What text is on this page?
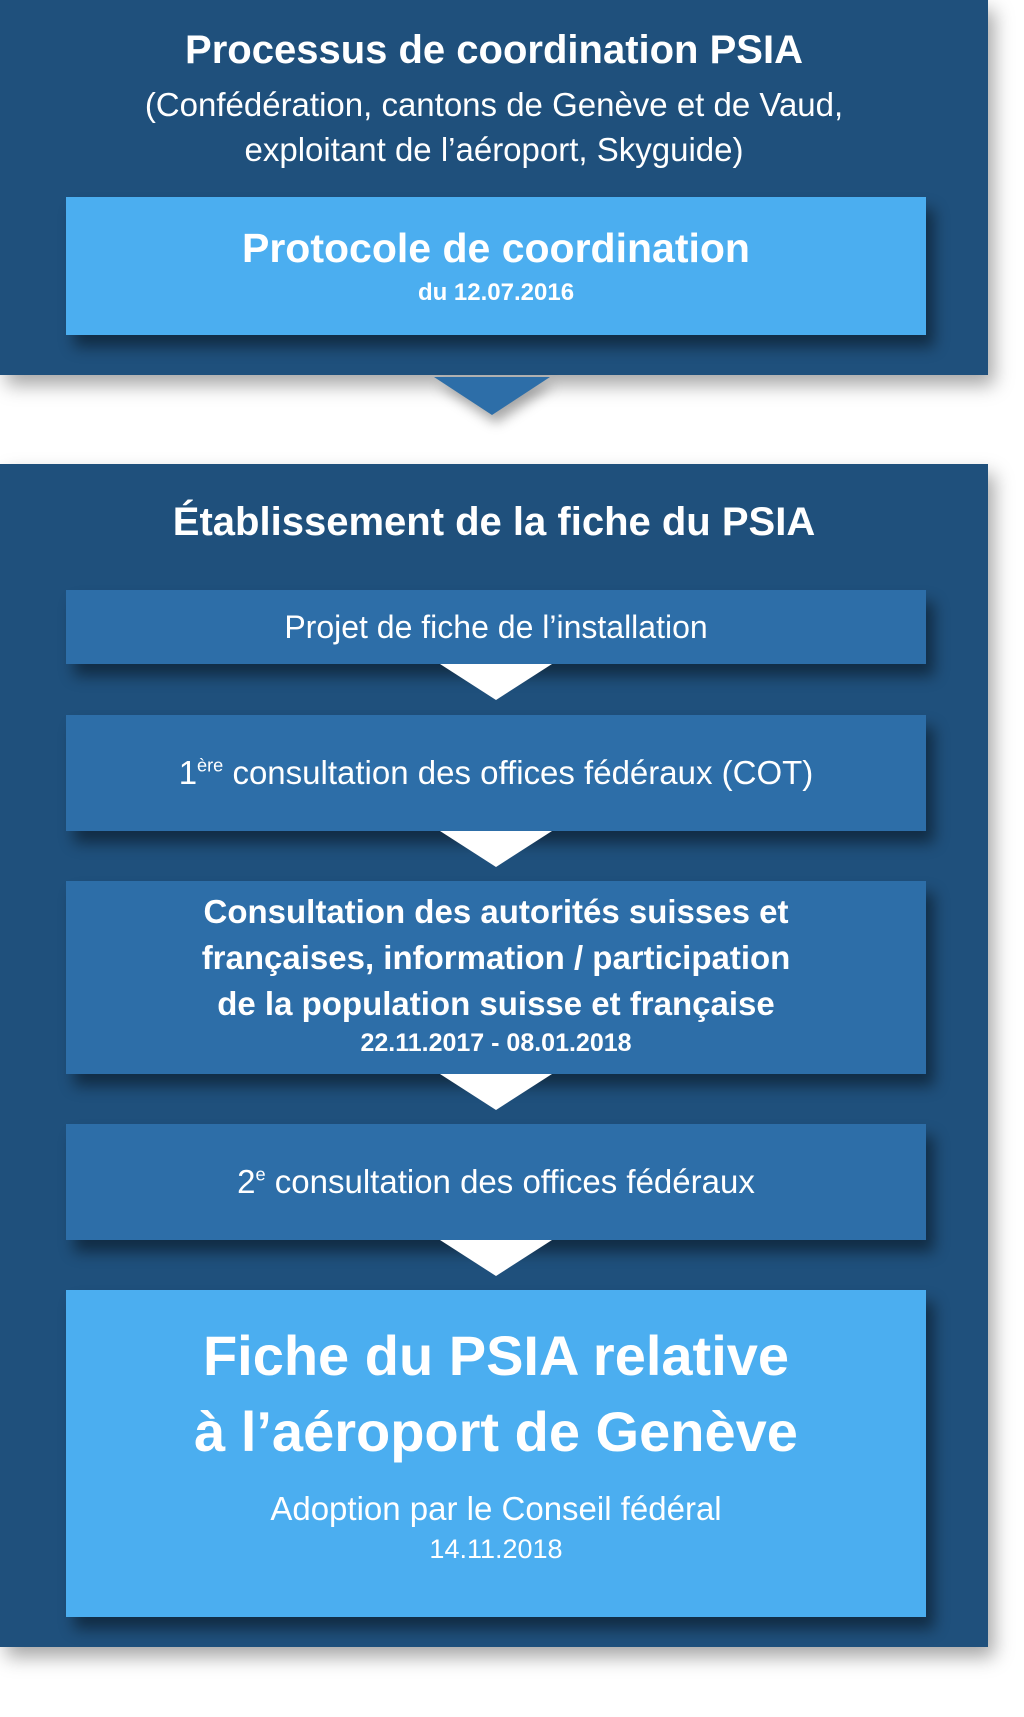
Processus de coordination PSIA
(Confédération, cantons de Genève et de Vaud,
exploitant de l’aéroport, Skyguide)
Protocole de coordination
du 12.07.2016
Établissement de la fiche du PSIA
Projet de fiche de l’installation
1ère consultation des offices fédéraux (COT)
Consultation des autorités suisses et
françaises, information / participation
de la population suisse et française
22.11.2017 - 08.01.2018
2e consultation des offices fédéraux
Fiche du PSIA relative
à l’aéroport de Genève
Adoption par le Conseil fédéral
14.11.2018
